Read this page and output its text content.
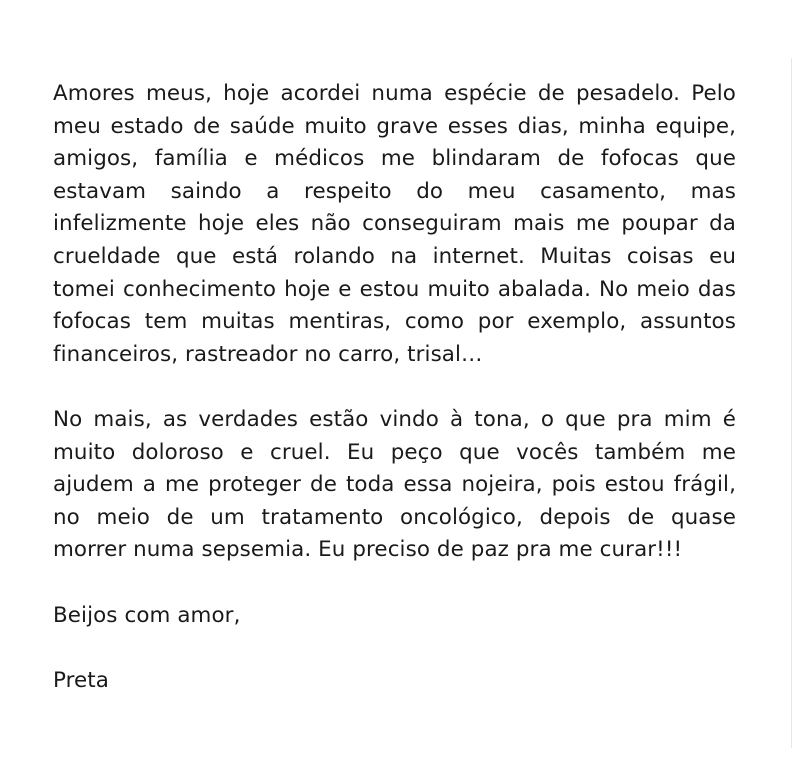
Amores meus, hoje acordei numa espécie de pesadelo. Pelo meu estado de saúde muito grave esses dias, minha equipe, amigos, família e médicos me blindaram de fofocas que estavam saindo a respeito do meu casamento, mas infelizmente hoje eles não conseguiram mais me poupar da crueldade que está rolando na internet. Muitas coisas eu tomei conhecimento hoje e estou muito abalada. No meio das fofocas tem muitas mentiras, como por exemplo, assuntos financeiros, rastreador no carro, trisal…

No mais, as verdades estão vindo à tona, o que pra mim é muito doloroso e cruel. Eu peço que vocês também me ajudem a me proteger de toda essa nojeira, pois estou frágil, no meio de um tratamento oncológico, depois de quase morrer numa sepsemia. Eu preciso de paz pra me curar!!!

Beijos com amor,

Preta
